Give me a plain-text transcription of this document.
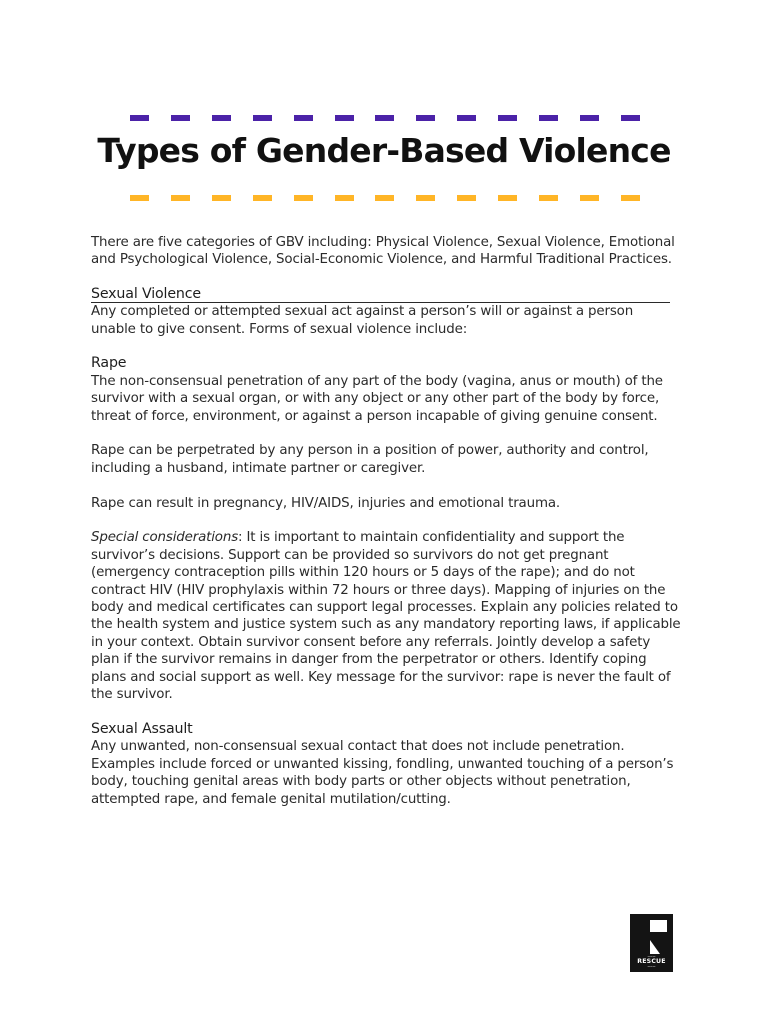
Types of Gender-Based Violence

There are five categories of GBV including: Physical Violence, Sexual Violence, Emotional and Psychological Violence, Social-Economic Violence, and Harmful Traditional Practices.

Sexual Violence

Any completed or attempted sexual act against a person’s will or against a person unable to give consent. Forms of sexual violence include:

Rape

The non-consensual penetration of any part of the body (vagina, anus or mouth) of the survivor with a sexual organ, or with any object or any other part of the body by force, threat of force, environment, or against a person incapable of giving genuine consent.

Rape can be perpetrated by any person in a position of power, authority and control, including a husband, intimate partner or caregiver.

Rape can result in pregnancy, HIV/AIDS, injuries and emotional trauma.

Special considerations: It is important to maintain confidentiality and support the survivor’s decisions. Support can be provided so survivors do not get pregnant (emergency contraception pills within 120 hours or 5 days of the rape); and do not contract HIV (HIV prophylaxis within 72 hours or three days). Mapping of injuries on the body and medical certificates can support legal processes. Explain any policies related to the health system and justice system such as any mandatory reporting laws, if applicable in your context. Obtain survivor consent before any referrals. Jointly develop a safety plan if the survivor remains in danger from the perpetrator or others. Identify coping plans and social support as well. Key message for the survivor: rape is never the fault of the survivor.

Sexual Assault

Any unwanted, non-consensual sexual contact that does not include penetration. Examples include forced or unwanted kissing, fondling, unwanted touching of a person’s body, touching genital areas with body parts or other objects without penetration, attempted rape, and female genital mutilation/cutting.

———
RESCUE
———
